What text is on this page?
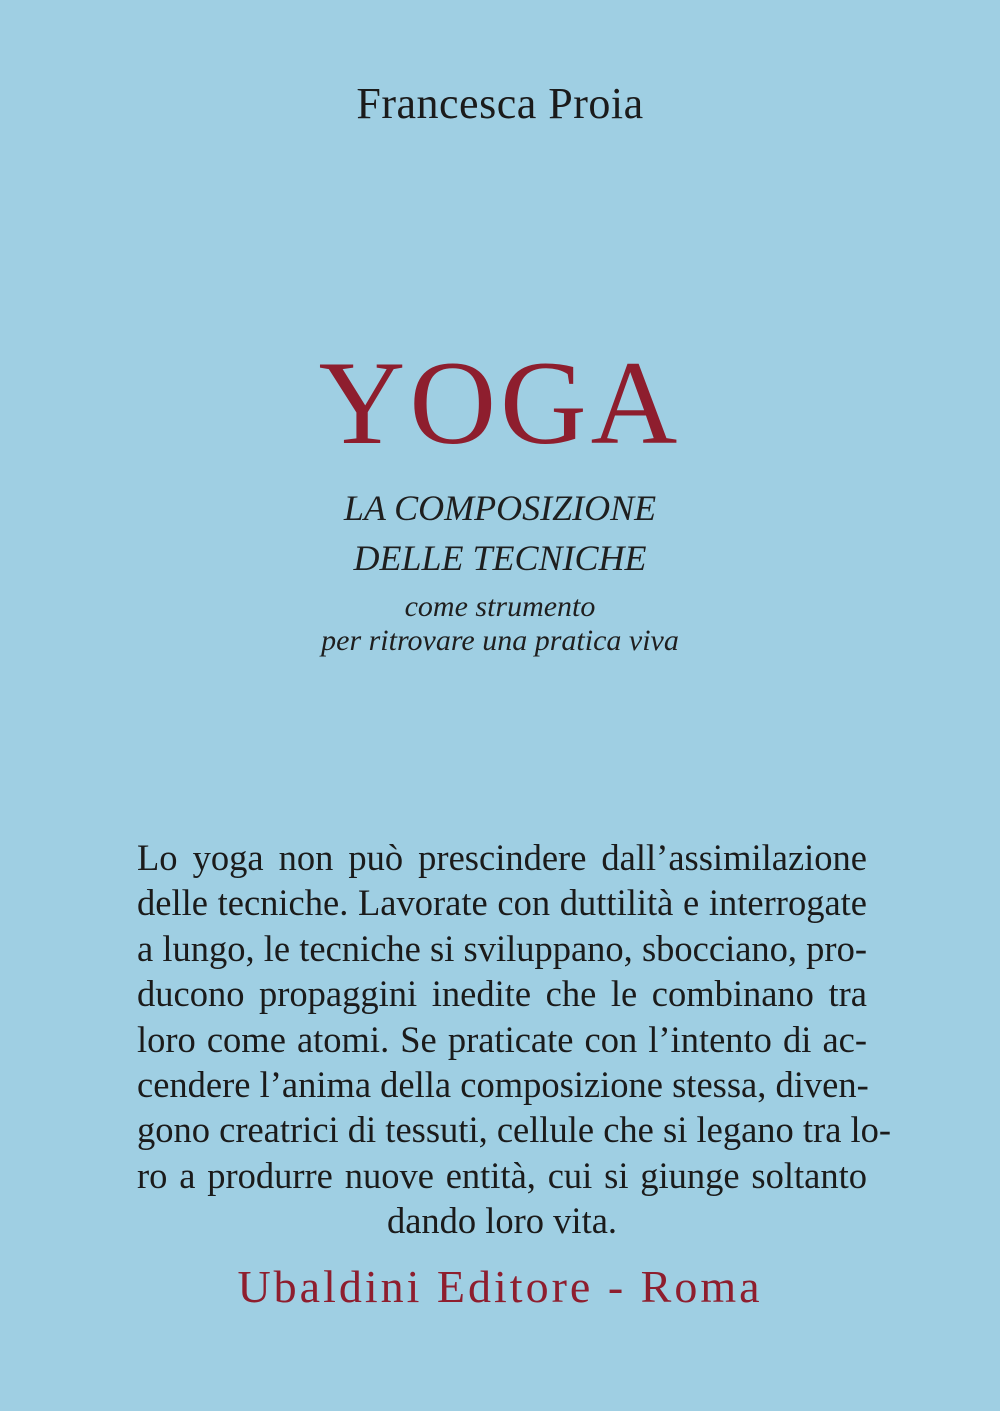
Francesca Proia
YOGA
LA COMPOSIZIONE
DELLE TECNICHE
come strumento
per ritrovare una pratica viva
Lo yoga non può prescindere dall’assimilazione
delle tecniche. Lavorate con duttilità e interrogate
a lungo, le tecniche si sviluppano, sbocciano, pro-
ducono propaggini inedite che le combinano tra
loro come atomi. Se praticate con l’intento di ac-
cendere l’anima della composizione stessa, diven-
gono creatrici di tessuti, cellule che si legano tra lo-
ro a produrre nuove entità, cui si giunge soltanto
dando loro vita.
Ubaldini Editore - Roma
